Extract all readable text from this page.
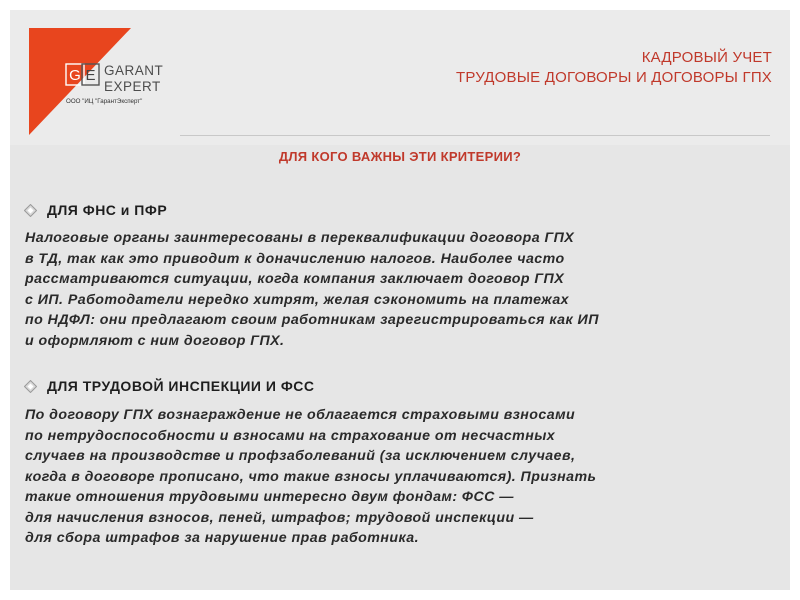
G E GARANT
EXPERT
ООО "ИЦ "ГарантЭксперт"
КАДРОВЫЙ УЧЕТ
ТРУДОВЫЕ ДОГОВОРЫ И ДОГОВОРЫ ГПХ
ДЛЯ КОГО ВАЖНЫ ЭТИ КРИТЕРИИ?
ДЛЯ ФНС и ПФР
Налоговые органы заинтересованы в переквалификации договора ГПХ
в ТД, так как это приводит к доначислению налогов. Наиболее часто
рассматриваются ситуации, когда компания заключает договор ГПХ
с ИП. Работодатели нередко хитрят, желая сэкономить на платежах
по НДФЛ: они предлагают своим работникам зарегистрироваться как ИП
и оформляют с ним договор ГПХ.
ДЛЯ ТРУДОВОЙ ИНСПЕКЦИИ И ФСС
По договору ГПХ вознаграждение не облагается страховыми взносами
по нетрудоспособности и взносами на страхование от несчастных
случаев на производстве и профзаболеваний (за исключением случаев,
когда в договоре прописано, что такие взносы уплачиваются). Признать
такие отношения трудовыми интересно двум фондам: ФСС —
для начисления взносов, пеней, штрафов; трудовой инспекции —
для сбора штрафов за нарушение прав работника.
